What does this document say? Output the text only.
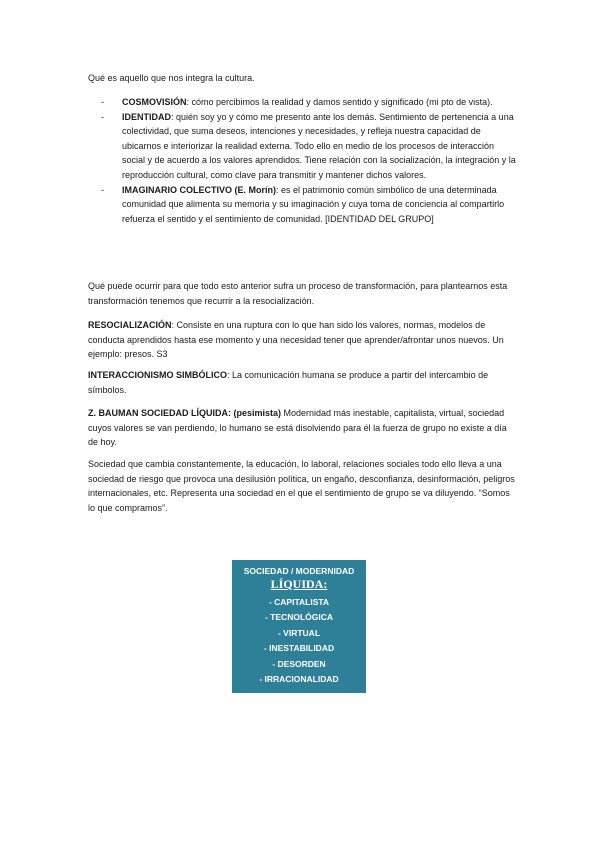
Qué es aquello que nos integra la cultura.

- COSMOVISIÓN: cómo percibimos la realidad y damos sentido y significado (mi pto de vista).
- IDENTIDAD: quién soy yo y cómo me presento ante los demás. Sentimiento de pertenencia a una colectividad, que suma deseos, intenciones y necesidades, y refleja nuestra capacidad de ubicarnos e interiorizar la realidad externa. Todo ello en medio de los procesos de interacción social y de acuerdo a los valores aprendidos. Tiene relación con la socialización, la integración y la reproducción cultural, como clave para transmitir y mantener dichos valores.
- IMAGINARIO COLECTIVO (E. Morín): es el patrimonio común simbólico de una determinada comunidad que alimenta su memoria y su imaginación y cuya toma de conciencia al compartirlo refuerza el sentido y el sentimiento de comunidad. [IDENTIDAD DEL GRUPO]

Qué puede ocurrir para que todo esto anterior sufra un proceso de transformación, para plantearnos esta transformación tenemos que recurrir a la resocialización.

RESOCIALIZACIÓN: Consiste en una ruptura con lo que han sido los valores, normas, modelos de conducta aprendidos hasta ese momento y una necesidad tener que aprender/afrontar unos nuevos. Un ejemplo: presos. S3

INTERACCIONISMO SIMBÓLICO: La comunicación humana se produce a partir del intercambio de símbolos.

Z. BAUMAN SOCIEDAD LÍQUIDA: (pesimista) Modernidad más inestable, capitalista, virtual, sociedad cuyos valores se van perdiendo, lo humano se está disolviendo para él la fuerza de grupo no existe a día de hoy.

Sociedad que cambia constantemente, la educación, lo laboral, relaciones sociales todo ello lleva a una sociedad de riesgo que provoca una desilusión política, un engaño, desconfianza, desinformación, peligros internacionales, etc. Representa una sociedad en el que el sentimiento de grupo se va diluyendo. “Somos lo que compramos”.

SOCIEDAD / MODERNIDAD
LÍQUIDA:
- CAPITALISTA
- TECNOLÓGICA
- VIRTUAL
- INESTABILIDAD
- DESORDEN
- IRRACIONALIDAD
